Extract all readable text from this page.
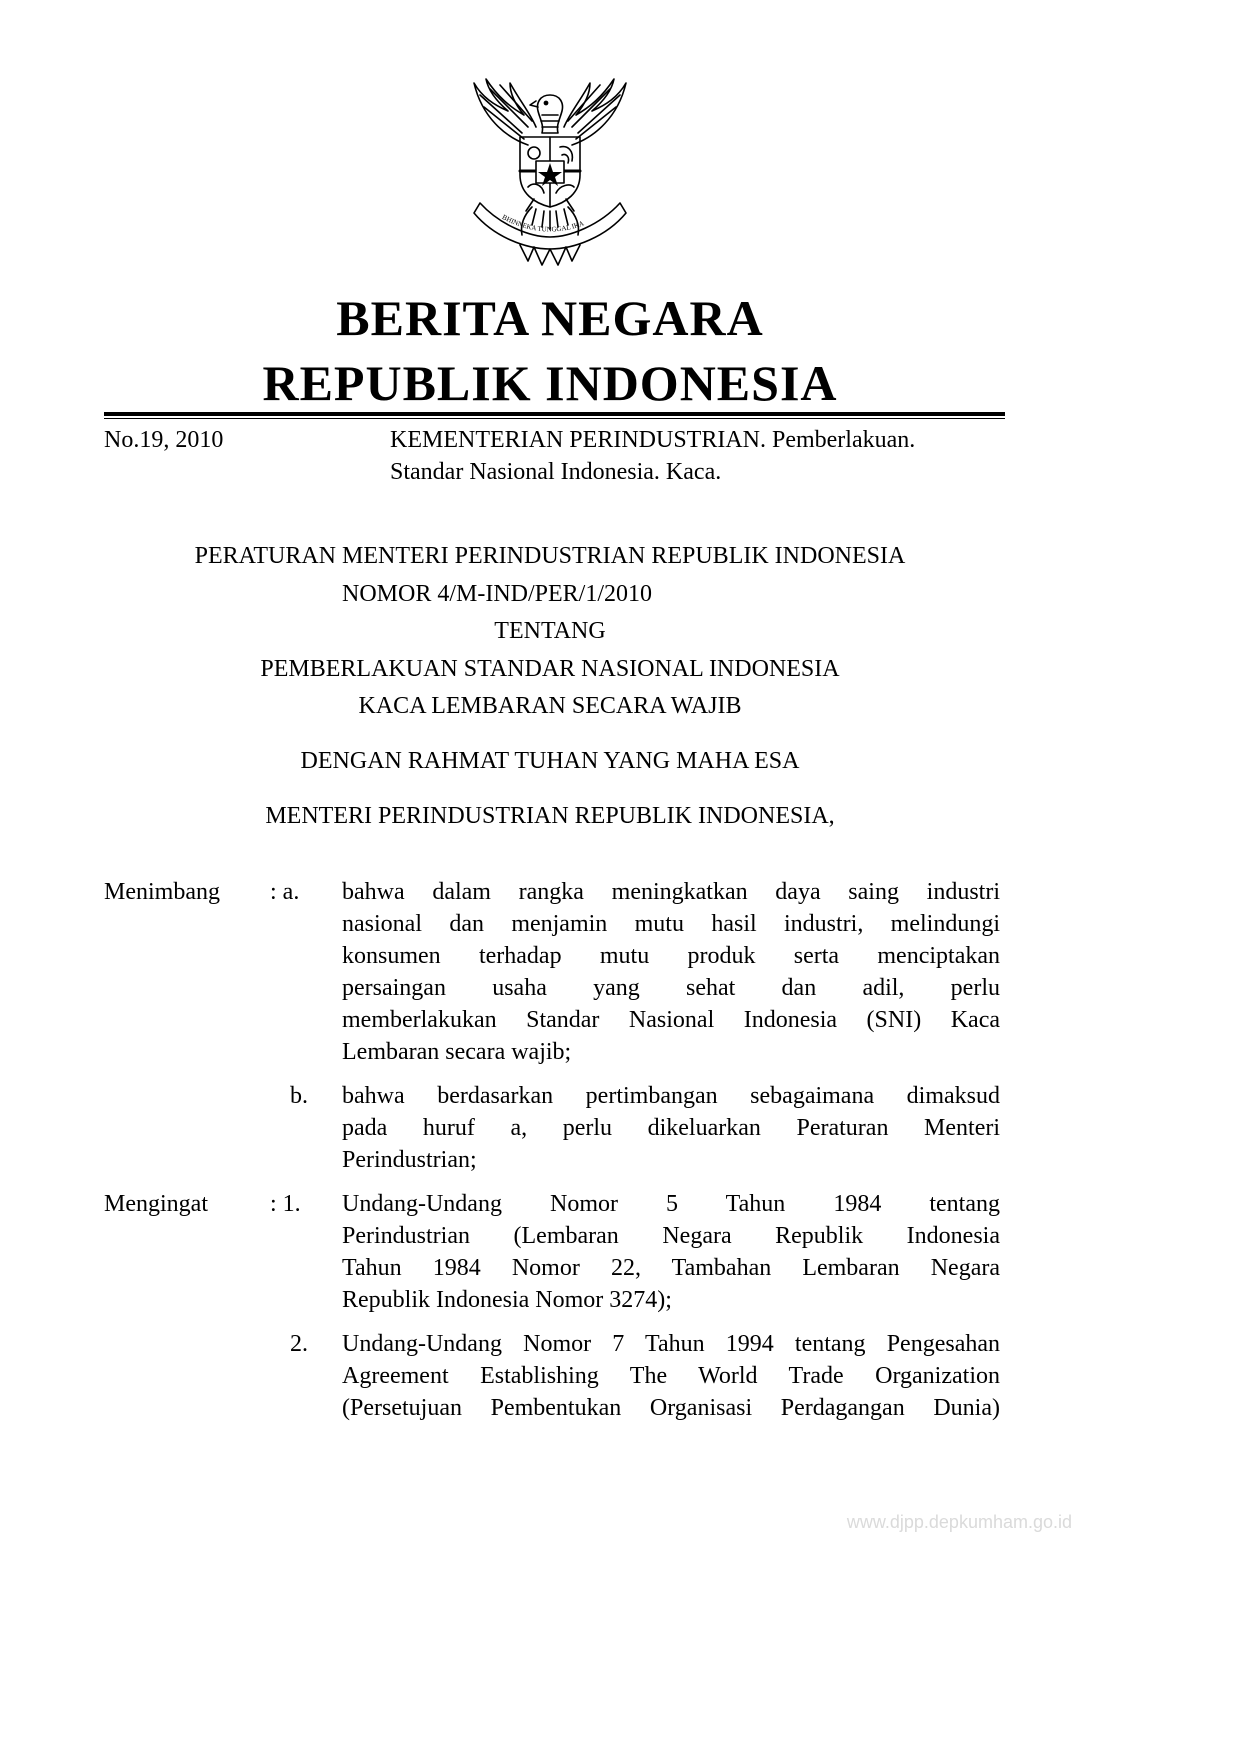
BHINNEKA TUNGGAL IKA
BERITA NEGARA
REPUBLIK INDONESIA
No.19, 2010	KEMENTERIAN PERINDUSTRIAN. Pemberlakuan.
Standar Nasional Indonesia. Kaca.
PERATURAN MENTERI PERINDUSTRIAN REPUBLIK INDONESIA
NOMOR 4/M-IND/PER/1/2010
TENTANG
PEMBERLAKUAN STANDAR NASIONAL INDONESIA
KACA LEMBARAN SECARA WAJIB
DENGAN RAHMAT TUHAN YANG MAHA ESA
MENTERI PERINDUSTRIAN REPUBLIK INDONESIA,
Menimbang : a. bahwa dalam rangka meningkatkan daya saing industri
nasional dan menjamin mutu hasil industri, melindungi
konsumen terhadap mutu produk serta menciptakan
persaingan usaha yang sehat dan adil, perlu
memberlakukan Standar Nasional Indonesia (SNI) Kaca
Lembaran secara wajib;
b. bahwa berdasarkan pertimbangan sebagaimana dimaksud
pada huruf a, perlu dikeluarkan Peraturan Menteri
Perindustrian;
Mengingat	: 1. Undang-Undang Nomor 5 Tahun 1984 tentang
Perindustrian (Lembaran Negara Republik Indonesia
Tahun 1984 Nomor 22, Tambahan Lembaran Negara
Republik Indonesia Nomor 3274);
2. Undang-Undang Nomor 7 Tahun 1994 tentang Pengesahan
Agreement Establishing The World Trade Organization
(Persetujuan Pembentukan Organisasi Perdagangan Dunia)
www.djpp.depkumham.go.id
